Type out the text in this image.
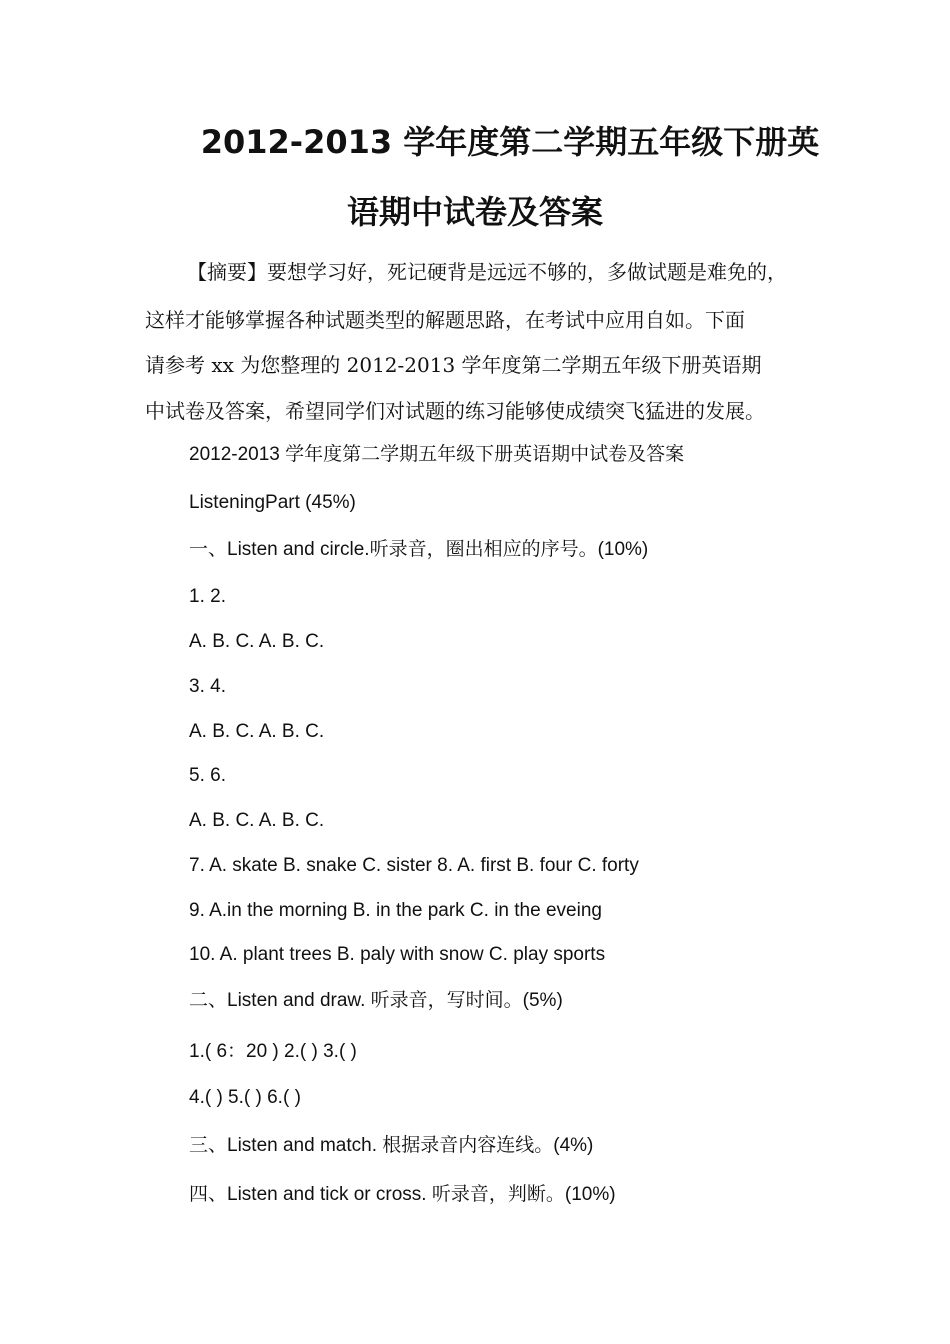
2012-2013 学年度第二学期五年级下册英
语期中试卷及答案
【摘要】要想学习好，死记硬背是远远不够的，多做试题是难免的，
这样才能够掌握各种试题类型的解题思路，在考试中应用自如。下面
请参考 xx 为您整理的 2012-2013 学年度第二学期五年级下册英语期
中试卷及答案，希望同学们对试题的练习能够使成绩突飞猛进的发展。
2012-2013 学年度第二学期五年级下册英语期中试卷及答案
ListeningPart (45%)
一、Listen and circle.听录音，圈出相应的序号。(10%)
1. 2.
A. B. C. A. B. C.
3. 4.
A. B. C. A. B. C.
5. 6.
A. B. C. A. B. C.
7. A. skate B. snake C. sister 8. A. first B. four C. forty
9. A.in the morning B. in the park C. in the eveing
10. A. plant trees B. paly with snow C. play sports
二、Listen and draw. 听录音，写时间。(5%)
1.( 6：20 ) 2.( ) 3.( )
4.( ) 5.( ) 6.( )
三、Listen and match. 根据录音内容连线。(4%)
四、Listen and tick or cross. 听录音，判断。(10%)
